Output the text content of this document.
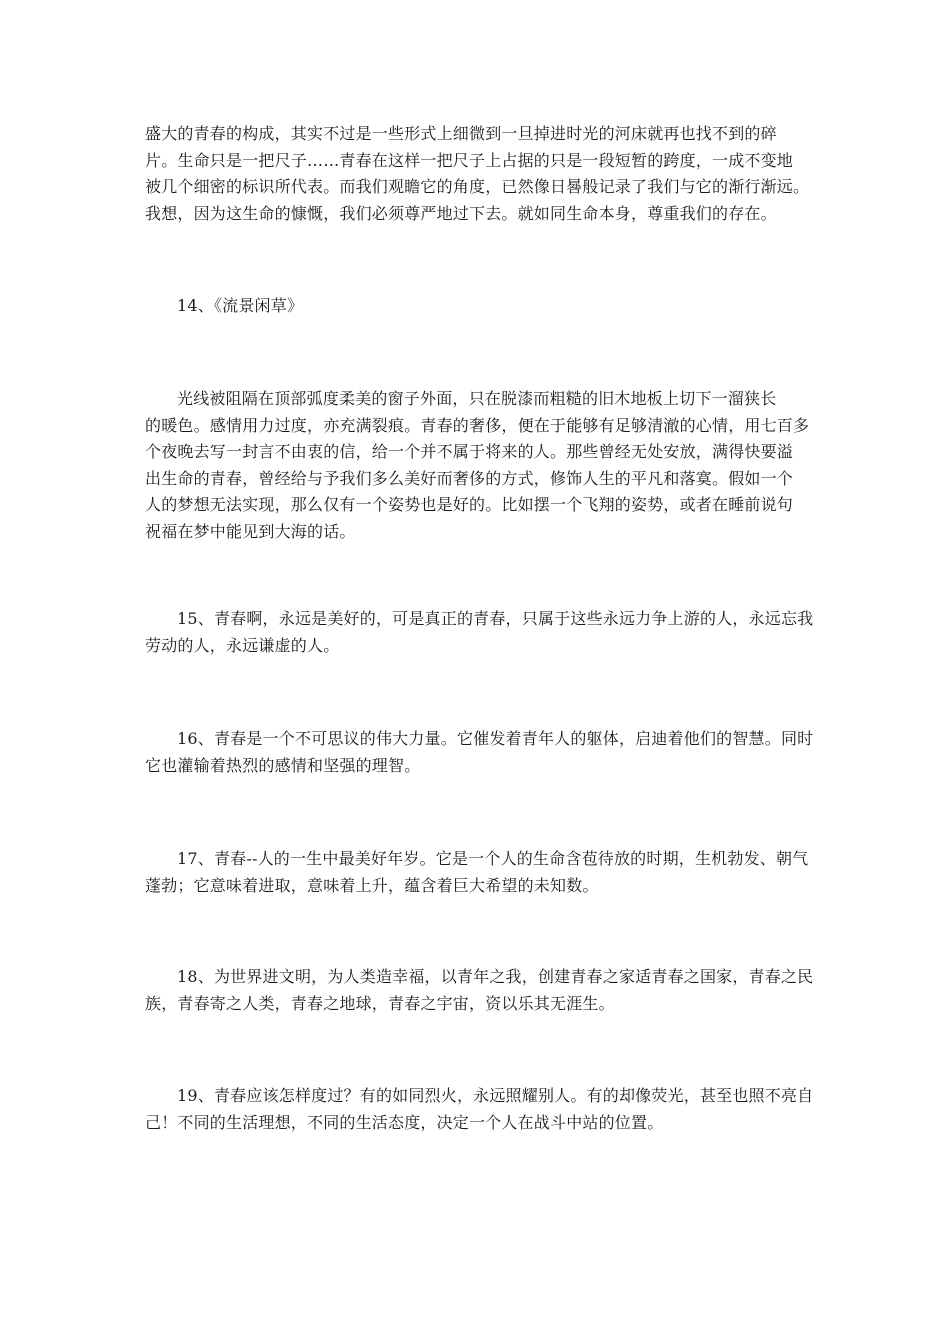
盛大的青春的构成，其实不过是一些形式上细微到一旦掉进时光的河床就再也找不到的碎
片。生命只是一把尺子……青春在这样一把尺子上占据的只是一段短暂的跨度，一成不变地
被几个细密的标识所代表。而我们观瞻它的角度，已然像日晷般记录了我们与它的渐行渐远。
我想，因为这生命的慷慨，我们必须尊严地过下去。就如同生命本身，尊重我们的存在。

14、《流景闲草》

光线被阻隔在顶部弧度柔美的窗子外面，只在脱漆而粗糙的旧木地板上切下一溜狭长
的暖色。感情用力过度，亦充满裂痕。青春的奢侈，便在于能够有足够清澈的心情，用七百多
个夜晚去写一封言不由衷的信，给一个并不属于将来的人。那些曾经无处安放，满得快要溢
出生命的青春，曾经给与予我们多么美好而奢侈的方式，修饰人生的平凡和落寞。假如一个
人的梦想无法实现，那么仅有一个姿势也是好的。比如摆一个飞翔的姿势，或者在睡前说句
祝福在梦中能见到大海的话。

15、青春啊，永远是美好的，可是真正的青春，只属于这些永远力争上游的人，永远忘我
劳动的人，永远谦虚的人。

16、青春是一个不可思议的伟大力量。它催发着青年人的躯体，启迪着他们的智慧。同时
它也灌输着热烈的感情和坚强的理智。

17、青春--人的一生中最美好年岁。它是一个人的生命含苞待放的时期，生机勃发、朝气
蓬勃；它意味着进取，意味着上升，蕴含着巨大希望的未知数。

18、为世界进文明，为人类造幸福，以青年之我，创建青春之家适青春之国家，青春之民
族，青春寄之人类，青春之地球，青春之宇宙，资以乐其无涯生。

19、青春应该怎样度过？有的如同烈火，永远照耀别人。有的却像荧光，甚至也照不亮自
己！不同的生活理想，不同的生活态度，决定一个人在战斗中站的位置。
